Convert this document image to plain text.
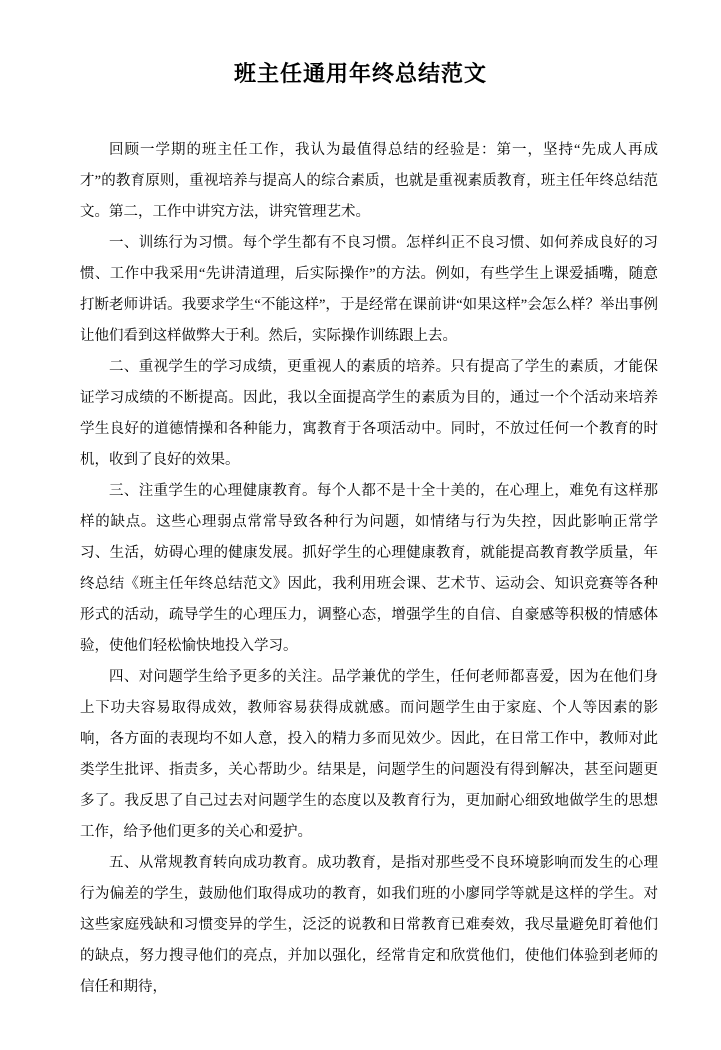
班主任通用年终总结范文

回顾一学期的班主任工作，我认为最值得总结的经验是：第一，坚持“先成人再成才”的教育原则，重视培养与提高人的综合素质，也就是重视素质教育，班主任年终总结范文。第二，工作中讲究方法，讲究管理艺术。

一、训练行为习惯。每个学生都有不良习惯。怎样纠正不良习惯、如何养成良好的习惯、工作中我采用“先讲清道理，后实际操作”的方法。例如，有些学生上课爱插嘴，随意打断老师讲话。我要求学生“不能这样”，于是经常在课前讲“如果这样”会怎么样？举出事例让他们看到这样做弊大于利。然后，实际操作训练跟上去。

二、重视学生的学习成绩，更重视人的素质的培养。只有提高了学生的素质，才能保证学习成绩的不断提高。因此，我以全面提高学生的素质为目的，通过一个个活动来培养学生良好的道德情操和各种能力，寓教育于各项活动中。同时，不放过任何一个教育的时机，收到了良好的效果。

三、注重学生的心理健康教育。每个人都不是十全十美的，在心理上，难免有这样那样的缺点。这些心理弱点常常导致各种行为问题，如情绪与行为失控，因此影响正常学习、生活，妨碍心理的健康发展。抓好学生的心理健康教育，就能提高教育教学质量，年终总结《班主任年终总结范文》因此，我利用班会课、艺术节、运动会、知识竞赛等各种形式的活动，疏导学生的心理压力，调整心态，增强学生的自信、自豪感等积极的情感体验，使他们轻松愉快地投入学习。

四、对问题学生给予更多的关注。品学兼优的学生，任何老师都喜爱，因为在他们身上下功夫容易取得成效，教师容易获得成就感。而问题学生由于家庭、个人等因素的影响，各方面的表现均不如人意，投入的精力多而见效少。因此，在日常工作中，教师对此类学生批评、指责多，关心帮助少。结果是，问题学生的问题没有得到解决，甚至问题更多了。我反思了自己过去对问题学生的态度以及教育行为，更加耐心细致地做学生的思想工作，给予他们更多的关心和爱护。

五、从常规教育转向成功教育。成功教育，是指对那些受不良环境影响而发生的心理行为偏差的学生，鼓励他们取得成功的教育，如我们班的小廖同学等就是这样的学生。对这些家庭残缺和习惯变异的学生，泛泛的说教和日常教育已难奏效，我尽量避免盯着他们的缺点，努力搜寻他们的亮点，并加以强化，经常肯定和欣赏他们，使他们体验到老师的信任和期待，
